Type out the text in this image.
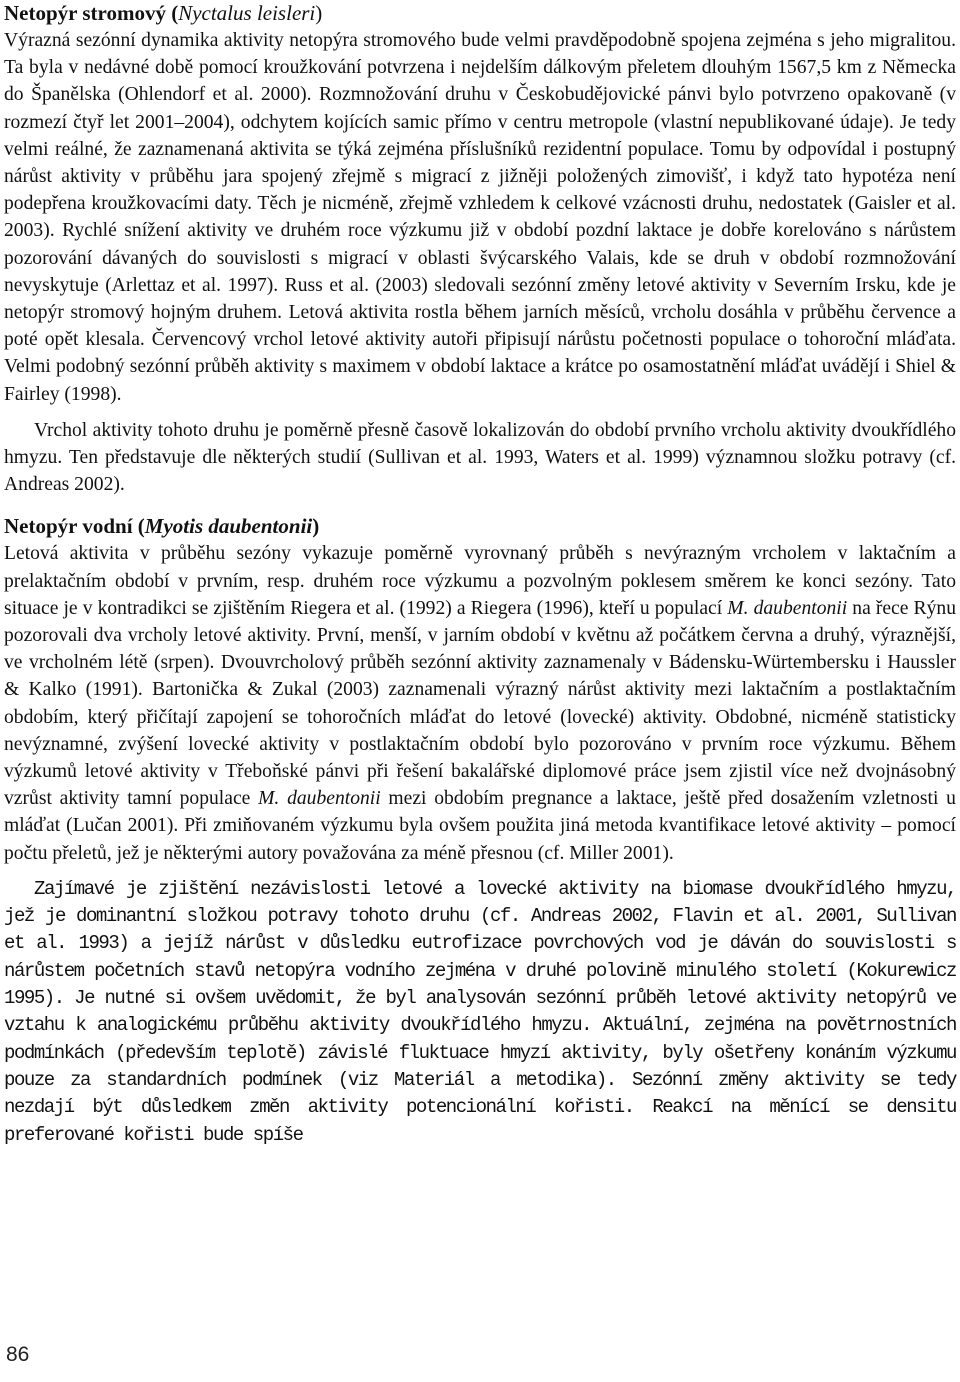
Netopýr stromový (Nyctalus leisleri)

Výrazná sezónní dynamika aktivity netopýra stromového bude velmi pravděpodobně spojena zejména s jeho migralitou. Ta byla v nedávné době pomocí kroužkování potvrzena i nejdelším dálkovým přeletem dlouhým 1567,5 km z Německa do Španělska (Ohlendorf et al. 2000). Rozmnožování druhu v Českobudějovické pánvi bylo potvrzeno opakovaně (v rozmezí čtyř let 2001–2004), odchytem kojících samic přímo v centru metropole (vlastní nepublikované údaje). Je tedy velmi reálné, že zaznamenaná aktivita se týká zejména příslušníků rezidentní populace. Tomu by odpovídal i postupný nárůst aktivity v průběhu jara spojený zřejmě s migrací z jižněji položených zimovišť, i když tato hypotéza není podepřena kroužkovacími daty. Těch je nicméně, zřejmě vzhledem k celkové vzácnosti druhu, nedostatek (Gaisler et al. 2003). Rychlé snížení aktivity ve druhém roce výzkumu již v období pozdní laktace je dobře korelováno s nárůstem pozorování dávaných do souvislosti s migrací v oblasti švýcarského Valais, kde se druh v období rozmnožování nevyskytuje (Arlettaz et al. 1997). Russ et al. (2003) sledovali sezónní změny letové aktivity v Severním Irsku, kde je netopýr stromový hojným druhem. Letová aktivita rostla během jarních měsíců, vrcholu dosáhla v průběhu července a poté opět klesala. Červencový vrchol letové aktivity autoři připisují nárůstu početnosti populace o tohoroční mláďata. Velmi podobný sezónní průběh aktivity s maximem v období laktace a krátce po osamostatnění mláďat uvádějí i Shiel & Fairley (1998).

Vrchol aktivity tohoto druhu je poměrně přesně časově lokalizován do období prvního vrcholu aktivity dvoukřídlého hmyzu. Ten představuje dle některých studií (Sullivan et al. 1993, Waters et al. 1999) významnou složku potravy (cf. Andreas 2002).

Netopýr vodní (Myotis daubentonii)

Letová aktivita v průběhu sezóny vykazuje poměrně vyrovnaný průběh s nevýrazným vrcholem v laktačním a prelaktačním období v prvním, resp. druhém roce výzkumu a pozvolným poklesem směrem ke konci sezóny. Tato situace je v kontradikci se zjištěním Riegera et al. (1992) a Riegera (1996), kteří u populací M. daubentonii na řece Rýnu pozorovali dva vrcholy letové aktivity. První, menší, v jarním období v květnu až počátkem června a druhý, výraznější, ve vrcholném létě (srpen). Dvouvrcholový průběh sezónní aktivity zaznamenaly v Bádensku-Würtembersku i Haussler & Kalko (1991). Bartonička & Zukal (2003) zaznamenali výrazný nárůst aktivity mezi laktačním a postlaktačním obdobím, který přičítají zapojení se tohoročních mláďat do letové (lovecké) aktivity. Obdobné, nicméně statisticky nevýznamné, zvýšení lovecké aktivity v postlaktačním období bylo pozorováno v prvním roce výzkumu. Během výzkumů letové aktivity v Třeboňské pánvi při řešení bakalářské diplomové práce jsem zjistil více než dvojnásobný vzrůst aktivity tamní populace M. daubentonii mezi obdobím pregnance a laktace, ještě před dosažením vzletnosti u mláďat (Lučan 2001). Při zmiňovaném výzkumu byla ovšem použita jiná metoda kvantifikace letové aktivity – pomocí počtu přeletů, jež je některými autory považována za méně přesnou (cf. Miller 2001).

Zajímavé je zjištění nezávislosti letové a lovecké aktivity na biomase dvoukřídlého hmyzu, jež je dominantní složkou potravy tohoto druhu (cf. Andreas 2002, Flavin et al. 2001, Sullivan et al. 1993) a jejíž nárůst v důsledku eutrofizace povrchových vod je dáván do souvislosti s nárůstem početních stavů netopýra vodního zejména v druhé polovině minulého století (Kokurewicz 1995). Je nutné si ovšem uvědomit, že byl analysován sezónní průběh letové aktivity netopýrů ve vztahu k analogickému průběhu aktivity dvoukřídlého hmyzu. Aktuální, zejména na povětrnostních podmínkách (především teplotě) závislé fluktuace hmyzí aktivity, byly ošetřeny konáním výzkumu pouze za standardních podmínek (viz Materiál a metodika). Sezónní změny aktivity se tedy nezdají být důsledkem změn aktivity potencionální kořisti. Reakcí na měnící se densitu preferované kořisti bude spíše

86
